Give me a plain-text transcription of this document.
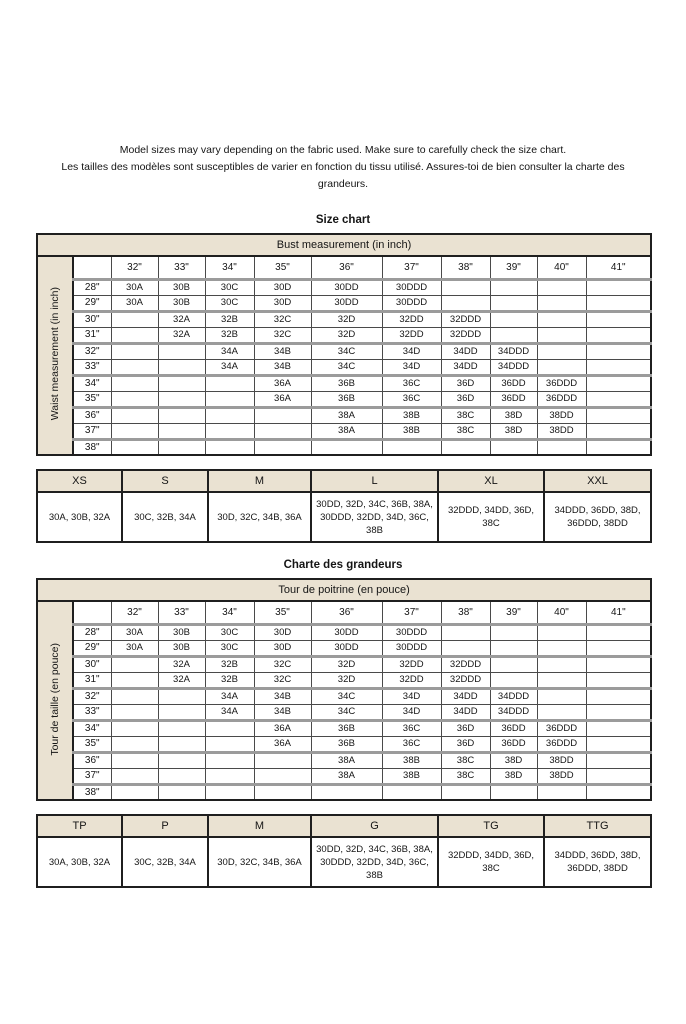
Model sizes may vary depending on the fabric used. Make sure to carefully check the size chart.

Les tailles des modèles sont susceptibles de varier en fonction du tissu utilisé. Assures-toi de bien consulter la charte des grandeurs.

Size chart
Bust measurement (in inch)											
Waist measurement (in inch)		32"	33"	34"	35"	36"	37"	38"	39"	40"	41"
	28"	30A	30B	30C	30D	30DD	30DDD				
	29"	30A	30B	30C	30D	30DD	30DDD				
	30"		32A	32B	32C	32D	32DD	32DDD			
	31"		32A	32B	32C	32D	32DD	32DDD			
	32"			34A	34B	34C	34D	34DD	34DDD		
	33"			34A	34B	34C	34D	34DD	34DDD		
	34"				36A	36B	36C	36D	36DD	36DDD	
	35"				36A	36B	36C	36D	36DD	36DDD	
	36"					38A	38B	38C	38D	38DD	
	37"					38A	38B	38C	38D	38DD	
	38"										
XS	S	M	L	XL	XXL
30A, 30B, 32A	30C, 32B, 34A	30D, 32C, 34B, 36A	30DD, 32D, 34C, 36B, 38A, 30DDD, 32DD, 34D, 36C, 38B	32DDD, 34DD, 36D, 38C	34DDD, 36DD, 38D, 36DDD, 38DD
Charte des grandeurs
Tour de poitrine (en pouce)											
Tour de taille (en pouce)		32"	33"	34"	35"	36"	37"	38"	39"	40"	41"
	28"	30A	30B	30C	30D	30DD	30DDD				
	29"	30A	30B	30C	30D	30DD	30DDD				
	30"		32A	32B	32C	32D	32DD	32DDD			
	31"		32A	32B	32C	32D	32DD	32DDD			
	32"			34A	34B	34C	34D	34DD	34DDD		
	33"			34A	34B	34C	34D	34DD	34DDD		
	34"				36A	36B	36C	36D	36DD	36DDD	
	35"				36A	36B	36C	36D	36DD	36DDD	
	36"					38A	38B	38C	38D	38DD	
	37"					38A	38B	38C	38D	38DD	
	38"										
TP	P	M	G	TG	TTG
30A, 30B, 32A	30C, 32B, 34A	30D, 32C, 34B, 36A	30DD, 32D, 34C, 36B, 38A, 30DDD, 32DD, 34D, 36C, 38B	32DDD, 34DD, 36D, 38C	34DDD, 36DD, 38D, 36DDD, 38DD
